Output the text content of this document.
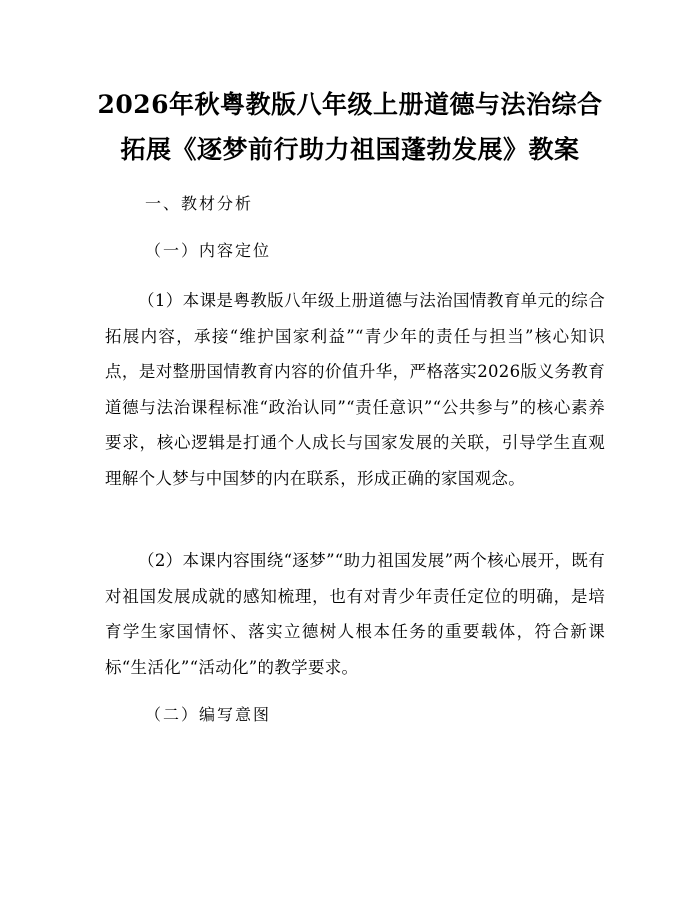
2026年秋粤教版八年级上册道德与法治综合
拓展《逐梦前行助力祖国蓬勃发展》教案
一、教材分析
（一）内容定位
（1）本课是粤教版八年级上册道德与法治国情教育单元的综合拓展内容，承接“维护国家利益”“青少年的责任与担当”核心知识点，是对整册国情教育内容的价值升华，严格落实2026版义务教育道德与法治课程标准“政治认同”“责任意识”“公共参与”的核心素养要求，核心逻辑是打通个人成长与国家发展的关联，引导学生直观理解个人梦与中国梦的内在联系，形成正确的家国观念。
（2）本课内容围绕“逐梦”“助力祖国发展”两个核心展开，既有对祖国发展成就的感知梳理，也有对青少年责任定位的明确，是培育学生家国情怀、落实立德树人根本任务的重要载体，符合新课标“生活化”“活动化”的教学要求。
（二）编写意图
